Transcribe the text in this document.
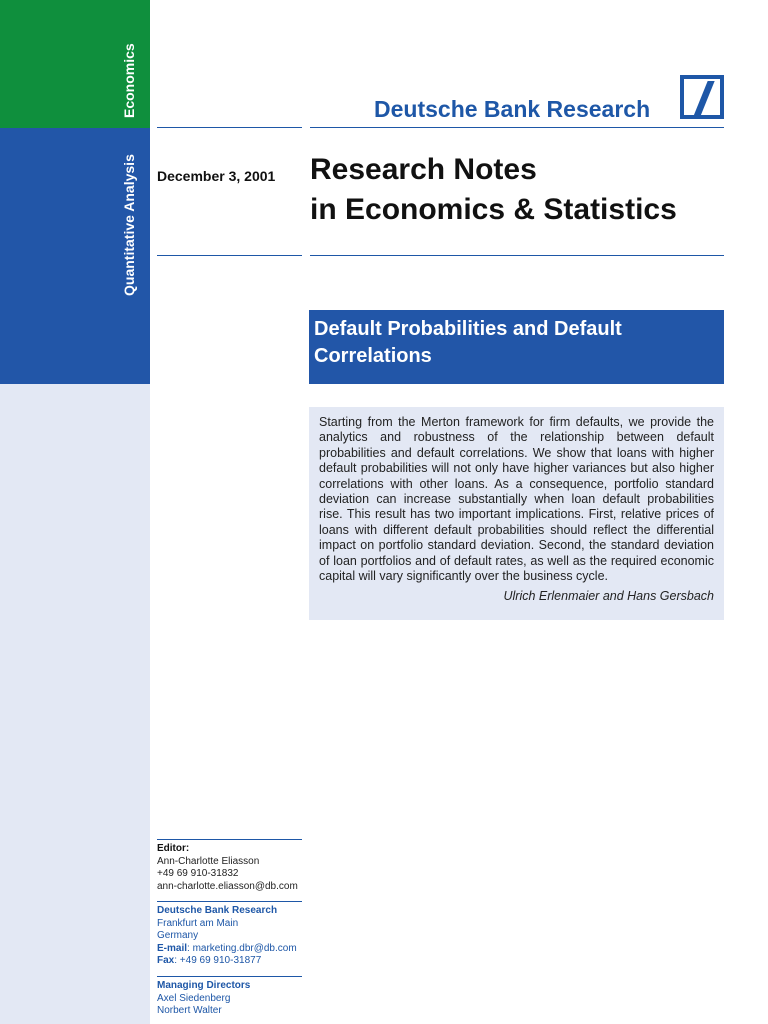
Economics
Quantitative Analysis
Deutsche Bank Research
December 3, 2001 Research Notes
in Economics & Statistics
Default Probabilities and Default
Correlations

Starting from the Merton framework for firm defaults, we provide the analytics and robustness of the relationship between default probabilities and default correlations. We show that loans with higher default probabilities will not only have higher variances but also higher correlations with other loans. As a consequence, portfolio standard deviation can increase substantially when loan default probabilities rise. This result has two important implications. First, relative prices of loans with different default probabilities should reflect the differential impact on portfolio standard deviation. Second, the standard deviation of loan portfolios and of default rates, as well as the required economic capital will vary significantly over the business cycle.

Ulrich Erlenmaier and Hans Gersbach
Editor:
Ann-Charlotte Eliasson
+49 69 910-31832
ann-charlotte.eliasson@db.com
Deutsche Bank Research
Frankfurt am Main
Germany
E-mail: marketing.dbr@db.com
Fax: +49 69 910-31877
Managing Directors
Axel Siedenberg
Norbert Walter
